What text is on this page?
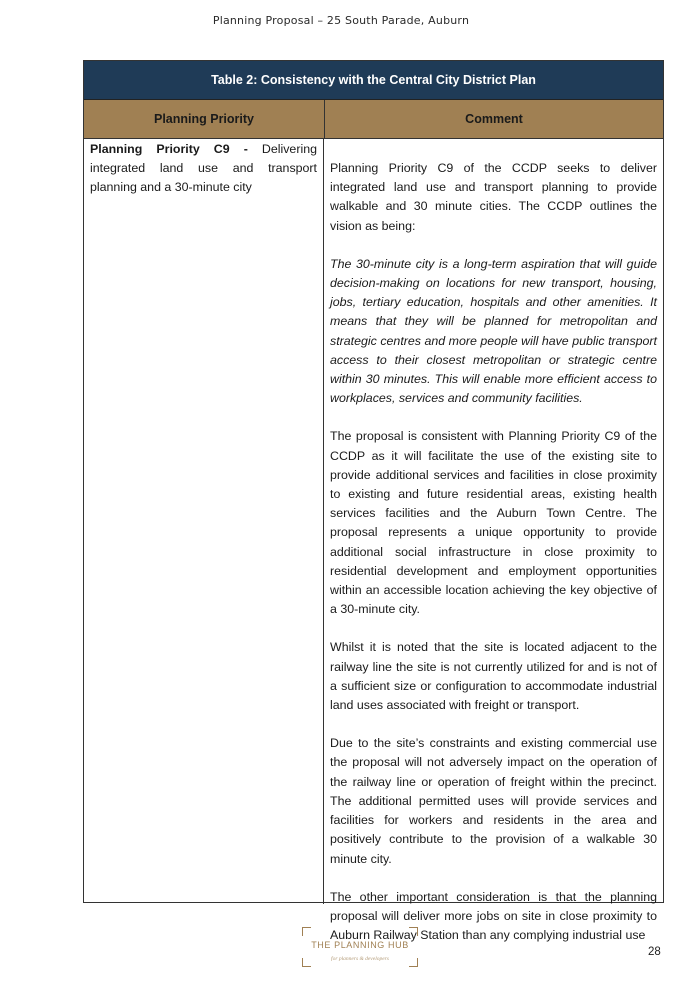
Planning Proposal – 25 South Parade, Auburn
Table 2: Consistency with the Central City District Plan
Planning Priority	Comment
Planning Priority C9 - Delivering integrated land use and transport planning and a 30-minute city

Planning Priority C9 of the CCDP seeks to deliver integrated land use and transport planning to provide walkable and 30 minute cities. The CCDP outlines the vision as being:

The 30-minute city is a long-term aspiration that will guide decision-making on locations for new transport, housing, jobs, tertiary education, hospitals and other amenities. It means that they will be planned for metropolitan and strategic centres and more people will have public transport access to their closest metropolitan or strategic centre within 30 minutes. This will enable more efficient access to workplaces, services and community facilities.

The proposal is consistent with Planning Priority C9 of the CCDP as it will facilitate the use of the existing site to provide additional services and facilities in close proximity to existing and future residential areas, existing health services facilities and the Auburn Town Centre. The proposal represents a unique opportunity to provide additional social infrastructure in close proximity to residential development and employment opportunities within an accessible location achieving the key objective of a 30-minute city.

Whilst it is noted that the site is located adjacent to the railway line the site is not currently utilized for and is not of a sufficient size or configuration to accommodate industrial land uses associated with freight or transport.

Due to the site’s constraints and existing commercial use the proposal will not adversely impact on the operation of the railway line or operation of freight within the precinct. The additional permitted uses will provide services and facilities for workers and residents in the area and positively contribute to the provision of a walkable 30 minute city.

The other important consideration is that the planning proposal will deliver more jobs on site in close proximity to Auburn Railway Station than any complying industrial use

THE PLANNING HUB
for planners & developers
28
